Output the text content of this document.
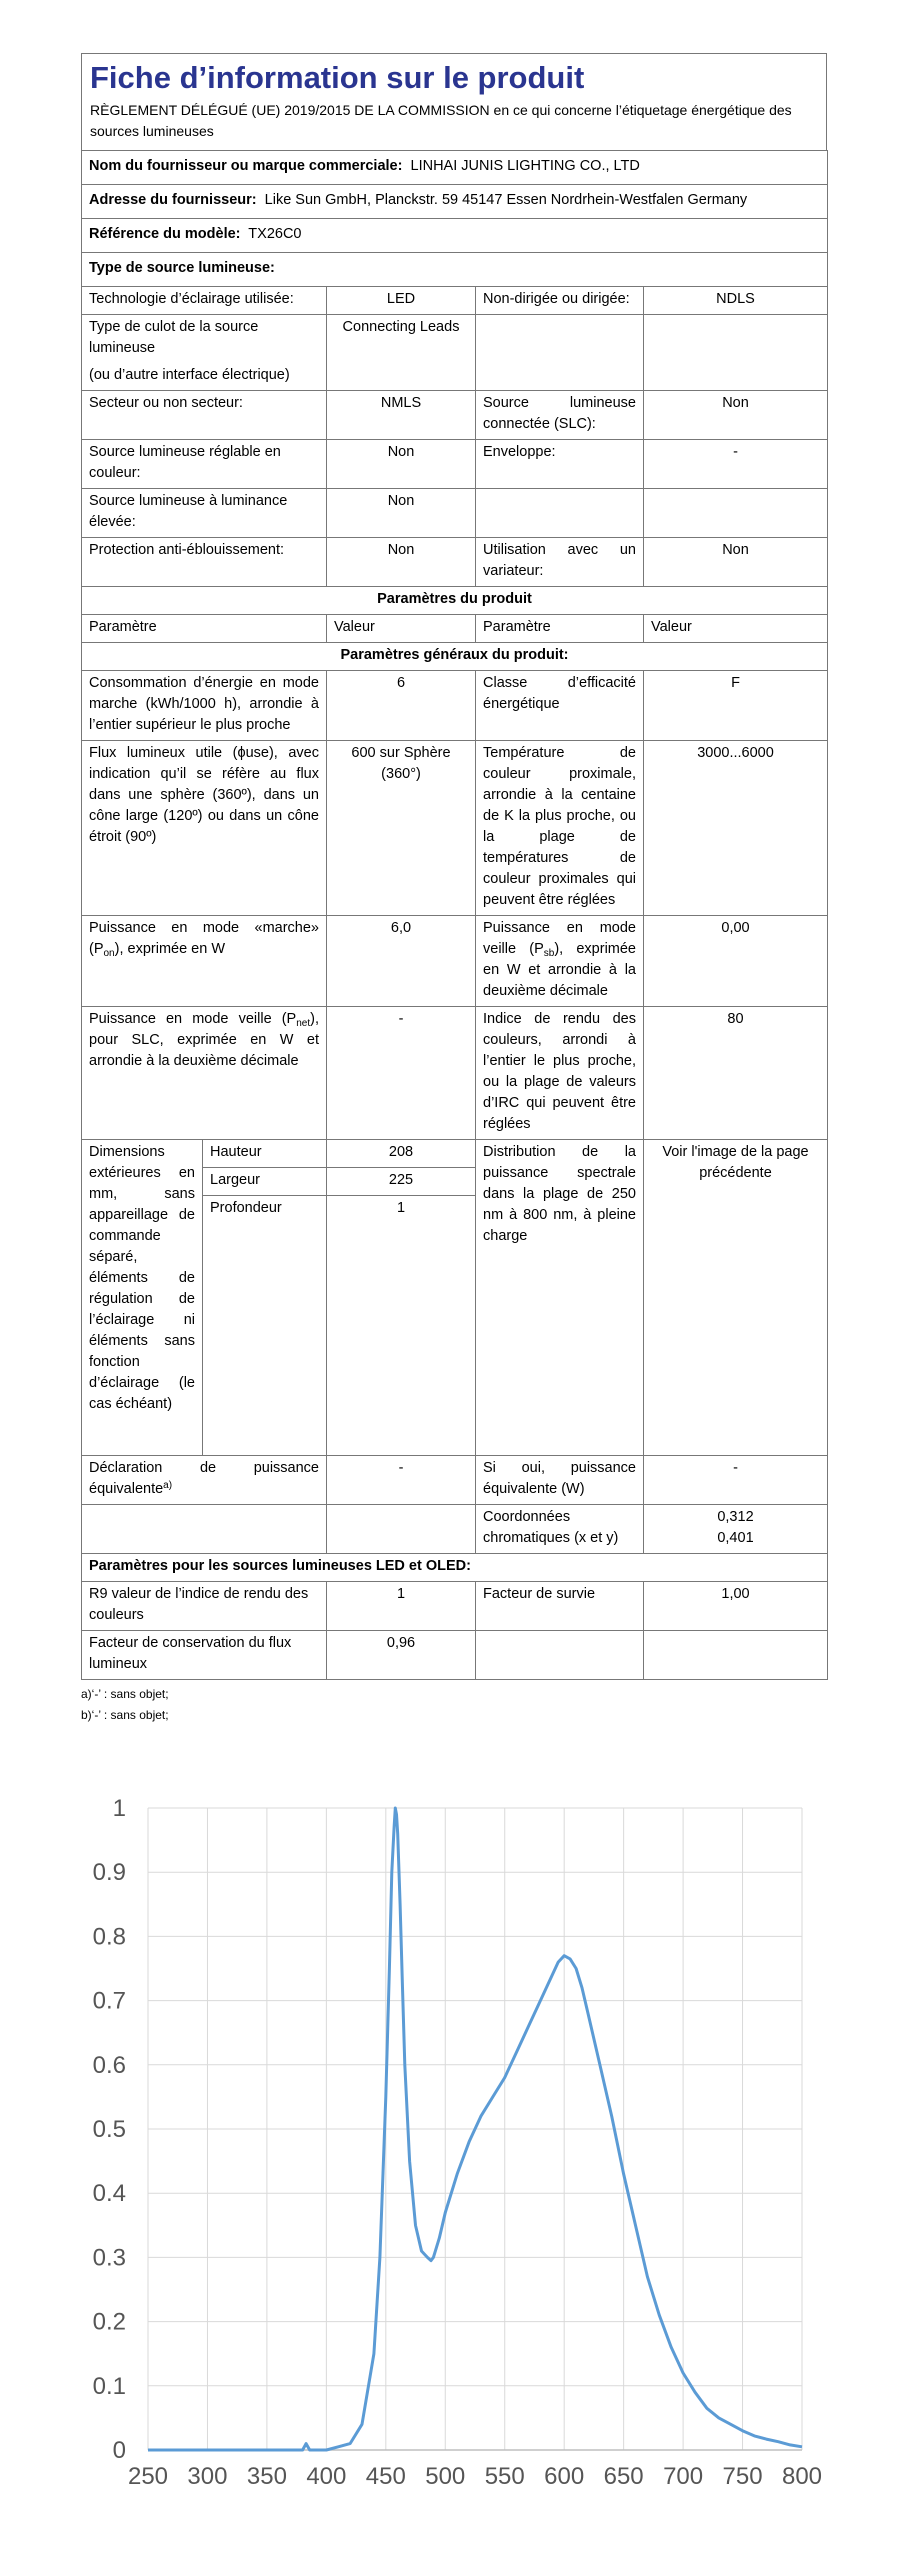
Fiche d’information sur le produit
RÈGLEMENT DÉLÉGUÉ (UE) 2019/2015 DE LA COMMISSION en ce qui concerne l’étiquetage énergétique des sources lumineuses
Nom du fournisseur ou marque commerciale: LINHAI JUNIS LIGHTING CO., LTD				
Adresse du fournisseur: Like Sun GmbH, Planckstr. 59 45147 Essen Nordrhein-Westfalen Germany				
Référence du modèle: TX26C0				
Type de source lumineuse:				
Technologie d’éclairage utilisée:		LED	Non-dirigée ou dirigée:	NDLS

Type de culot de la source lumineuse
(ou d’autre interface électrique)		Connecting Leads		
Secteur ou non secteur:		NMLS	Source lumineuse connectée (SLC):	Non
Source lumineuse réglable en couleur:		Non	Enveloppe:	-
Source lumineuse à luminance élevée:		Non		
Protection anti-éblouissement:		Non	Utilisation avec un variateur:	Non
Paramètres du produit				
Paramètre		Valeur	Paramètre	Valeur
Paramètres généraux du produit:				
Consommation d’énergie en mode marche (kWh/1000 h), arrondie à l’entier supérieur le plus proche		6	Classe d’efficacité énergétique	F
Flux lumineux utile (ϕuse), avec indication qu’il se réfère au flux dans une sphère (360º), dans un cône large (120º) ou dans un cône étroit (90º)		600 sur Sphère (360°)	Température de couleur proximale, arrondie à la centaine de K la plus proche, ou la plage de températures de couleur proximales qui peuvent être réglées	3000...6000
Puissance en mode «marche» $(P_{on})$, exprimée en W		6,0	Puissance en mode veille $(P_{sb})$, exprimée en W et arrondie à la deuxième décimale	0,00
Puissance en mode veille $(P_{net})$, pour SLC, exprimée en W et arrondie à la deuxième décimale		-	Indice de rendu des couleurs, arrondi à l’entier le plus proche, ou la plage de valeurs d’IRC qui peuvent être réglées	80
Dimensions extérieures en mm, sans appareillage de commande séparé, éléments de régulation de l’éclairage ni éléments sans fonction d’éclairage (le cas échéant)	Hauteur	208	Distribution de la puissance spectrale dans la plage de 250 nm à 800 nm, à pleine charge	Voir l'image de la page précédente
	Largeur	225		
	Profondeur	1		
Déclaration de puissance équivalente$^{a)}$		-	Si oui, puissance équivalente (W)	-
			Coordonnées chromatiques (x et y)	0,312
0,401

Paramètres pour les sources lumineuses LED et OLED:				
R9 valeur de l’indice de rendu des couleurs		1	Facteur de survie	1,00
Facteur de conservation du flux lumineux		0,96		
a)‘-’ : sans objet;
b)‘-’ : sans objet;
250 300 350 400 450 500 550 600 650 700 750 800
0
0.1
0.2
0.3
0.4
0.5
0.6
0.7
0.8
0.9
1
